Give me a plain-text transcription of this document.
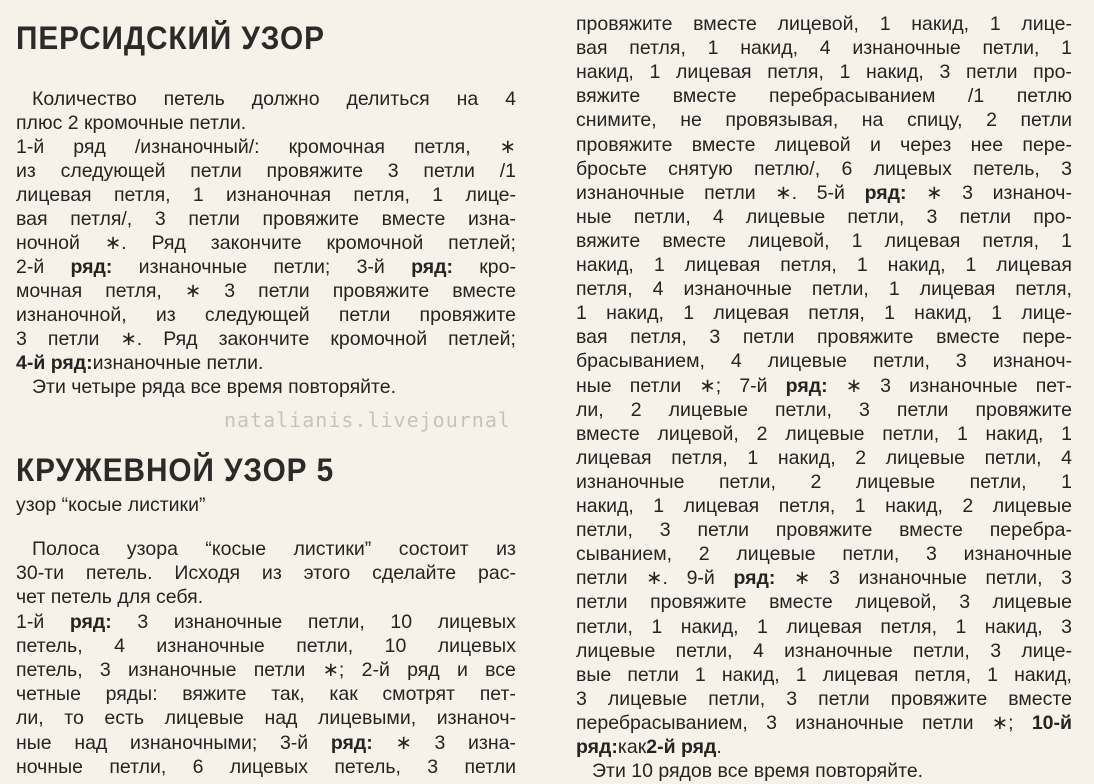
ПЕРСИДСКИЙ УЗОР
Количество петель должно делиться на 4
плюс 2 кромочные петли.
1-й ряд /изнаночный/: кромочная петля, ∗
из следующей петли провяжите 3 петли /1
лицевая петля, 1 изнаночная петля, 1 лице-
вая петля/, 3 петли провяжите вместе изна-
ночной ∗. Ряд закончите кромочной петлей;
2-й ряд: изнаночные петли; 3-й ряд: кро-
мочная петля, ∗ 3 петли провяжите вместе
изнаночной, из следующей петли провяжите
3 петли ∗. Ряд закончите кромочной петлей;
4-й ряд: изнаночные петли.
Эти четыре ряда все время повторяйте.
КРУЖЕВНОЙ УЗОР 5
узор “косые листики”
Полоса узора “косые листики” состоит из
30-ти петель. Исходя из этого сделайте рас-
чет петель для себя.
1-й ряд: 3 изнаночные петли, 10 лицевых
петель, 4 изнаночные петли, 10 лицевых
петель, 3 изнаночные петли ∗; 2-й ряд и все
четные ряды: вяжите так, как смотрят пет-
ли, то есть лицевые над лицевыми, изнаноч-
ные над изнаночными; 3-й ряд: ∗ 3 изна-
ночные петли, 6 лицевых петель, 3 петли
провяжите вместе лицевой, 1 накид, 1 лице-
вая петля, 1 накид, 4 изнаночные петли, 1
накид, 1 лицевая петля, 1 накид, 3 петли про-
вяжите вместе перебрасыванием /1 петлю
снимите, не провязывая, на спицу, 2 петли
провяжите вместе лицевой и через нее пере-
бросьте снятую петлю/, 6 лицевых петель, 3
изнаночные петли ∗. 5-й ряд: ∗ 3 изнаноч-
ные петли, 4 лицевые петли, 3 петли про-
вяжите вместе лицевой, 1 лицевая петля, 1
накид, 1 лицевая петля, 1 накид, 1 лицевая
петля, 4 изнаночные петли, 1 лицевая петля,
1 накид, 1 лицевая петля, 1 накид, 1 лице-
вая петля, 3 петли провяжите вместе пере-
брасыванием, 4 лицевые петли, 3 изнаноч-
ные петли ∗; 7-й ряд: ∗ 3 изнаночные пет-
ли, 2 лицевые петли, 3 петли провяжите
вместе лицевой, 2 лицевые петли, 1 накид, 1
лицевая петля, 1 накид, 2 лицевые петли, 4
изнаночные петли, 2 лицевые петли, 1
накид, 1 лицевая петля, 1 накид, 2 лицевые
петли, 3 петли провяжите вместе перебра-
сыванием, 2 лицевые петли, 3 изнаночные
петли ∗. 9-й ряд: ∗ 3 изнаночные петли, 3
петли провяжите вместе лицевой, 3 лицевые
петли, 1 накид, 1 лицевая петля, 1 накид, 3
лицевые петли, 4 изнаночные петли, 3 лице-
вые петли 1 накид, 1 лицевая петля, 1 накид,
3 лицевые петли, 3 петли провяжите вместе
перебрасыванием, 3 изнаночные петли ∗; 10-й
ряд: как 2-й ряд .
Эти 10 рядов все время повторяйте.
natalianis.livejournal
